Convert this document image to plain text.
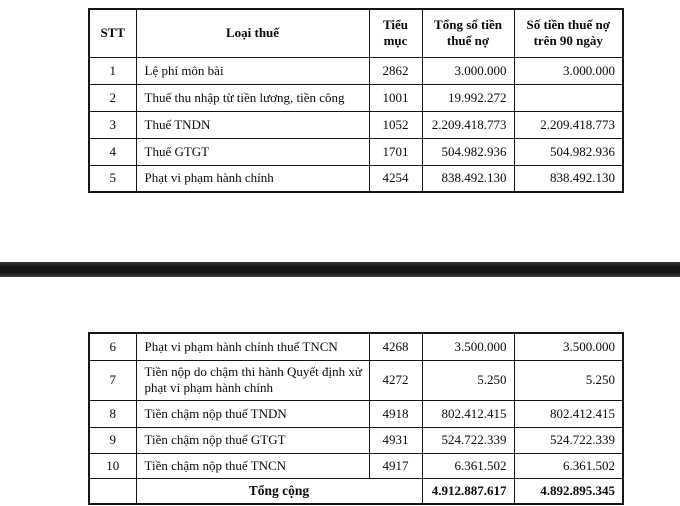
STT	Loại thuế	Tiểu mục	Tổng số tiền thuế nợ	Số tiền thuế nợ trên 90 ngày
1	Lệ phí môn bài	2862	3.000.000	3.000.000
2	Thuế thu nhập từ tiền lương, tiền công	1001	19.992.272	
3	Thuế TNDN	1052	2.209.418.773	2.209.418.773
4	Thuế GTGT	1701	504.982.936	504.982.936
5	Phạt vi phạm hành chính	4254	838.492.130	838.492.130
6	Phạt vi phạm hành chính thuế TNCN	4268	3.500.000	3.500.000
7	Tiền nộp do chậm thi hành Quyết định xử phạt vi phạm hành chính	4272	5.250	5.250
8	Tiền chậm nộp thuế TNDN	4918	802.412.415	802.412.415
9	Tiền chậm nộp thuế GTGT	4931	524.722.339	524.722.339
10	Tiền chậm nộp thuế TNCN	4917	6.361.502	6.361.502
	Tổng cộng		4.912.887.617	4.892.895.345
